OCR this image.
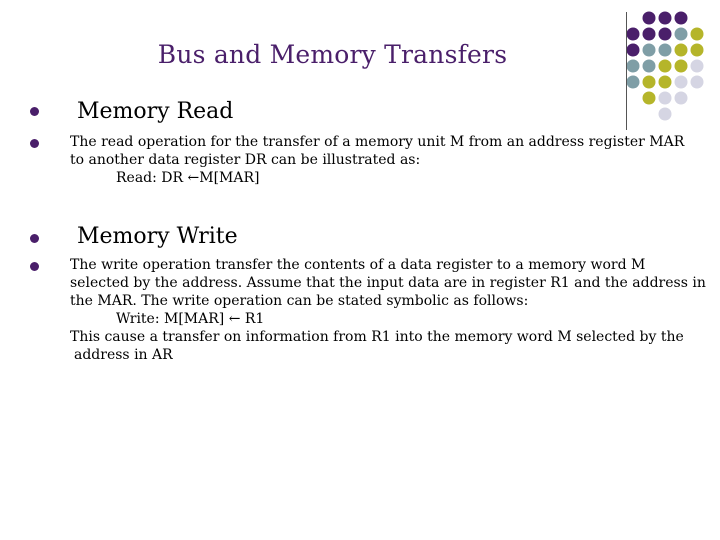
Bus and Memory Transfers
Memory Read
The read operation for the transfer of a memory unit M from an address register MAR
to another data register DR can be illustrated as:
Read: DR ←M[MAR]
Memory Write
The write operation transfer the contents of a data register to a memory word M
selected by the address. Assume that the input data are in register R1 and the address in
the MAR. The write operation can be stated symbolic as follows:
Write: M[MAR] ← R1
This cause a transfer on information from R1 into the memory word M selected by the
address in AR
